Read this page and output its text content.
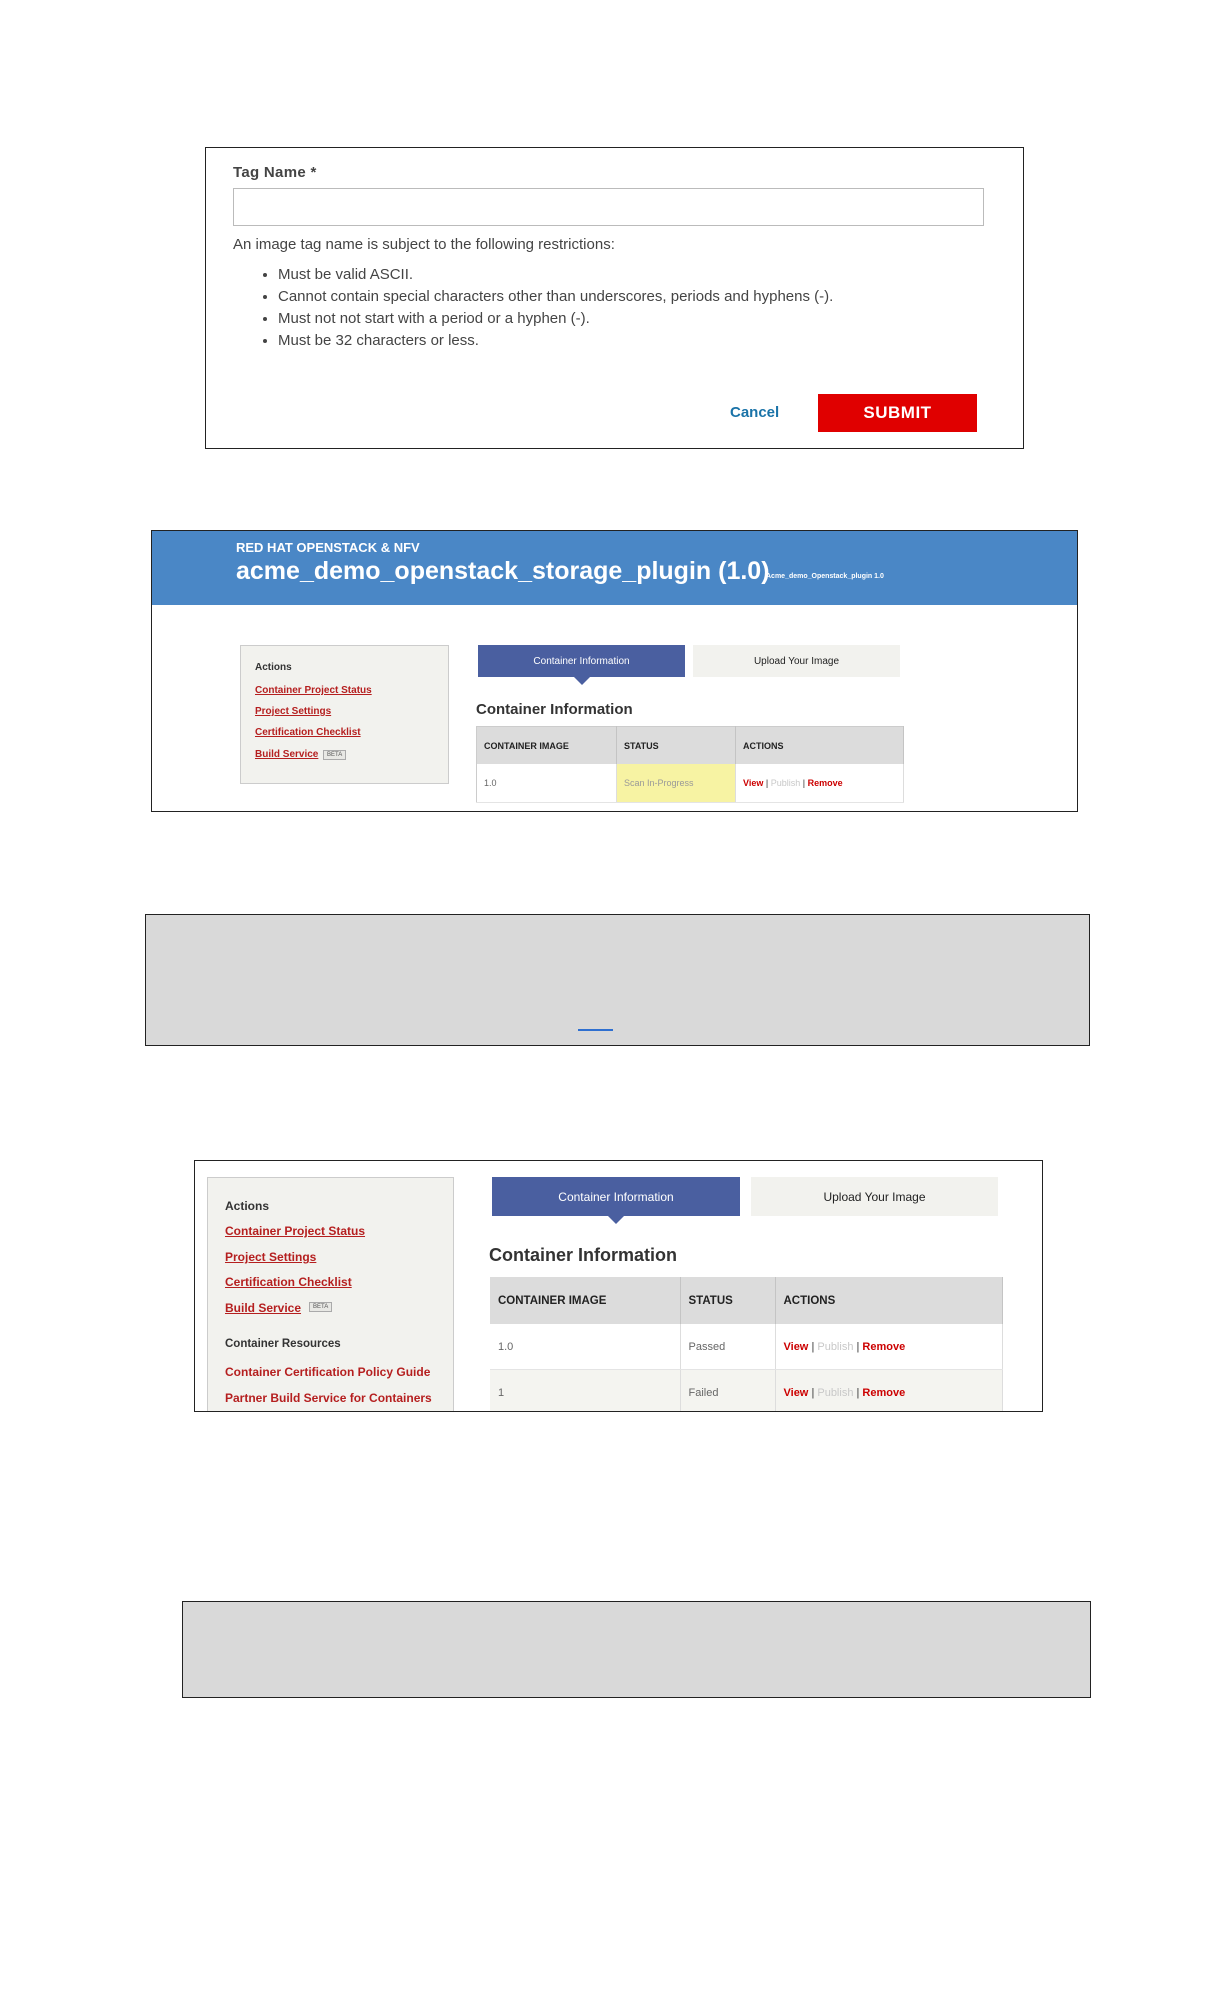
Tag Name *
An image tag name is subject to the following restrictions:
• Must be valid ASCII.
• Cannot contain special characters other than underscores, periods and hyphens (-).
• Must not not start with a period or a hyphen (-).
• Must be 32 characters or less.
Cancel	SUBMIT
RED HAT OPENSTACK & NFV
acme_demo_openstack_storage_plugin (1.0)
Acme_demo_Openstack_plugin 1.0
Actions
Container Project Status
Project Settings
Certification Checklist
Build Service	BETA
Container Information	Upload Your Image
Container Information
CONTAINER IMAGE	STATUS	ACTIONS
1.0	Scan In-Progress	View | Publish | Remove
Actions
Container Project Status
Project Settings
Certification Checklist
Build Service	BETA
Container Resources
Container Certification Policy Guide
Partner Build Service for Containers
Container Information	Upload Your Image
Container Information
CONTAINER IMAGE	STATUS	ACTIONS
1.0	Passed	View | Publish | Remove
1	Failed	View | Publish | Remove
